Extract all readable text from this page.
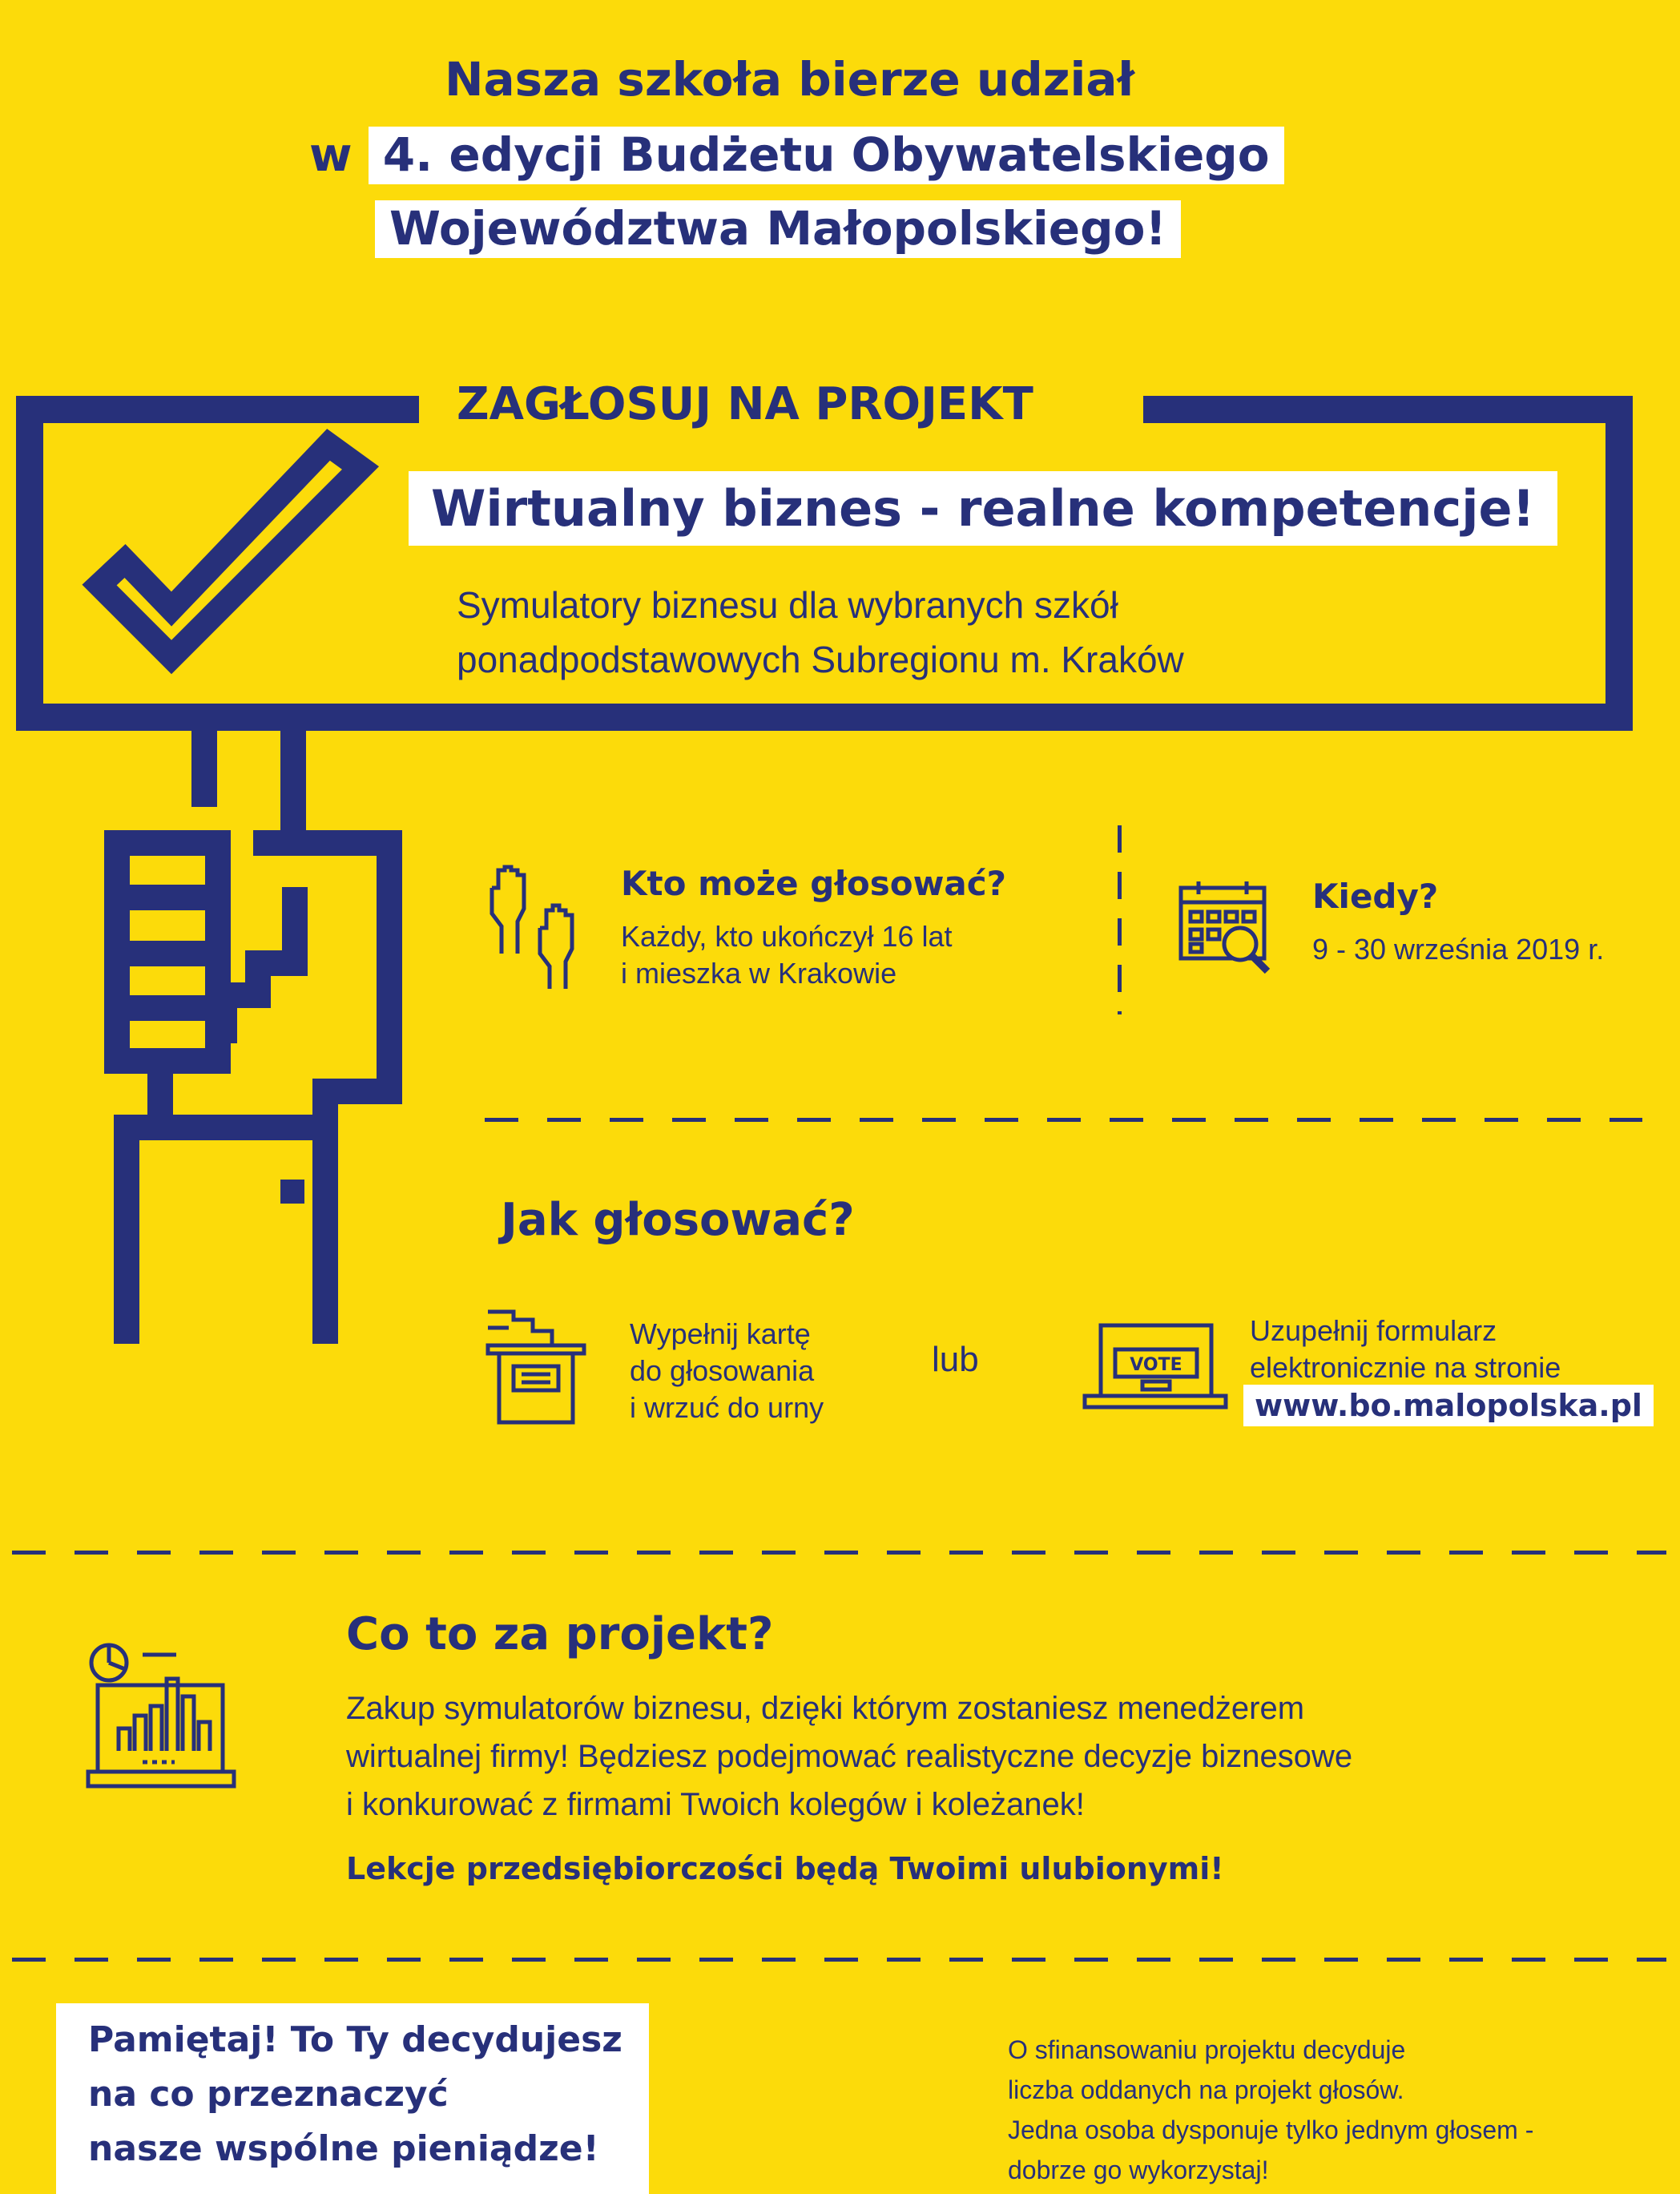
Nasza szkoła bierze udział
w 4. edycji Budżetu Obywatelskiego
Województwa Małopolskiego!
ZAGŁOSUJ NA PROJEKT
Wirtualny biznes - realne kompetencje!
Symulatory biznesu dla wybranych szkół
ponadpodstawowych Subregionu m. Kraków
Kto może głosować?
Każdy, kto ukończył 16 lat
i mieszka w Krakowie
Kiedy?
9 - 30 września 2019 r.
Jak głosować?
Wypełnij kartę
do głosowania
i wrzuć do urny
lub	VOTE
Uzupełnij formularz
elektronicznie na stronie
www.bo.malopolska.pl
Co to za projekt?
Zakup symulatorów biznesu, dzięki którym zostaniesz menedżerem
wirtualnej firmy! Będziesz podejmować realistyczne decyzje biznesowe
i konkurować z firmami Twoich kolegów i koleżanek!
Lekcje przedsiębiorczości będą Twoimi ulubionymi!
Pamiętaj! To Ty decydujesz
na co przeznaczyć
nasze wspólne pieniądze!
O sfinansowaniu projektu decyduje
liczba oddanych na projekt głosów.
Jedna osoba dysponuje tylko jednym głosem -
dobrze go wykorzystaj!
